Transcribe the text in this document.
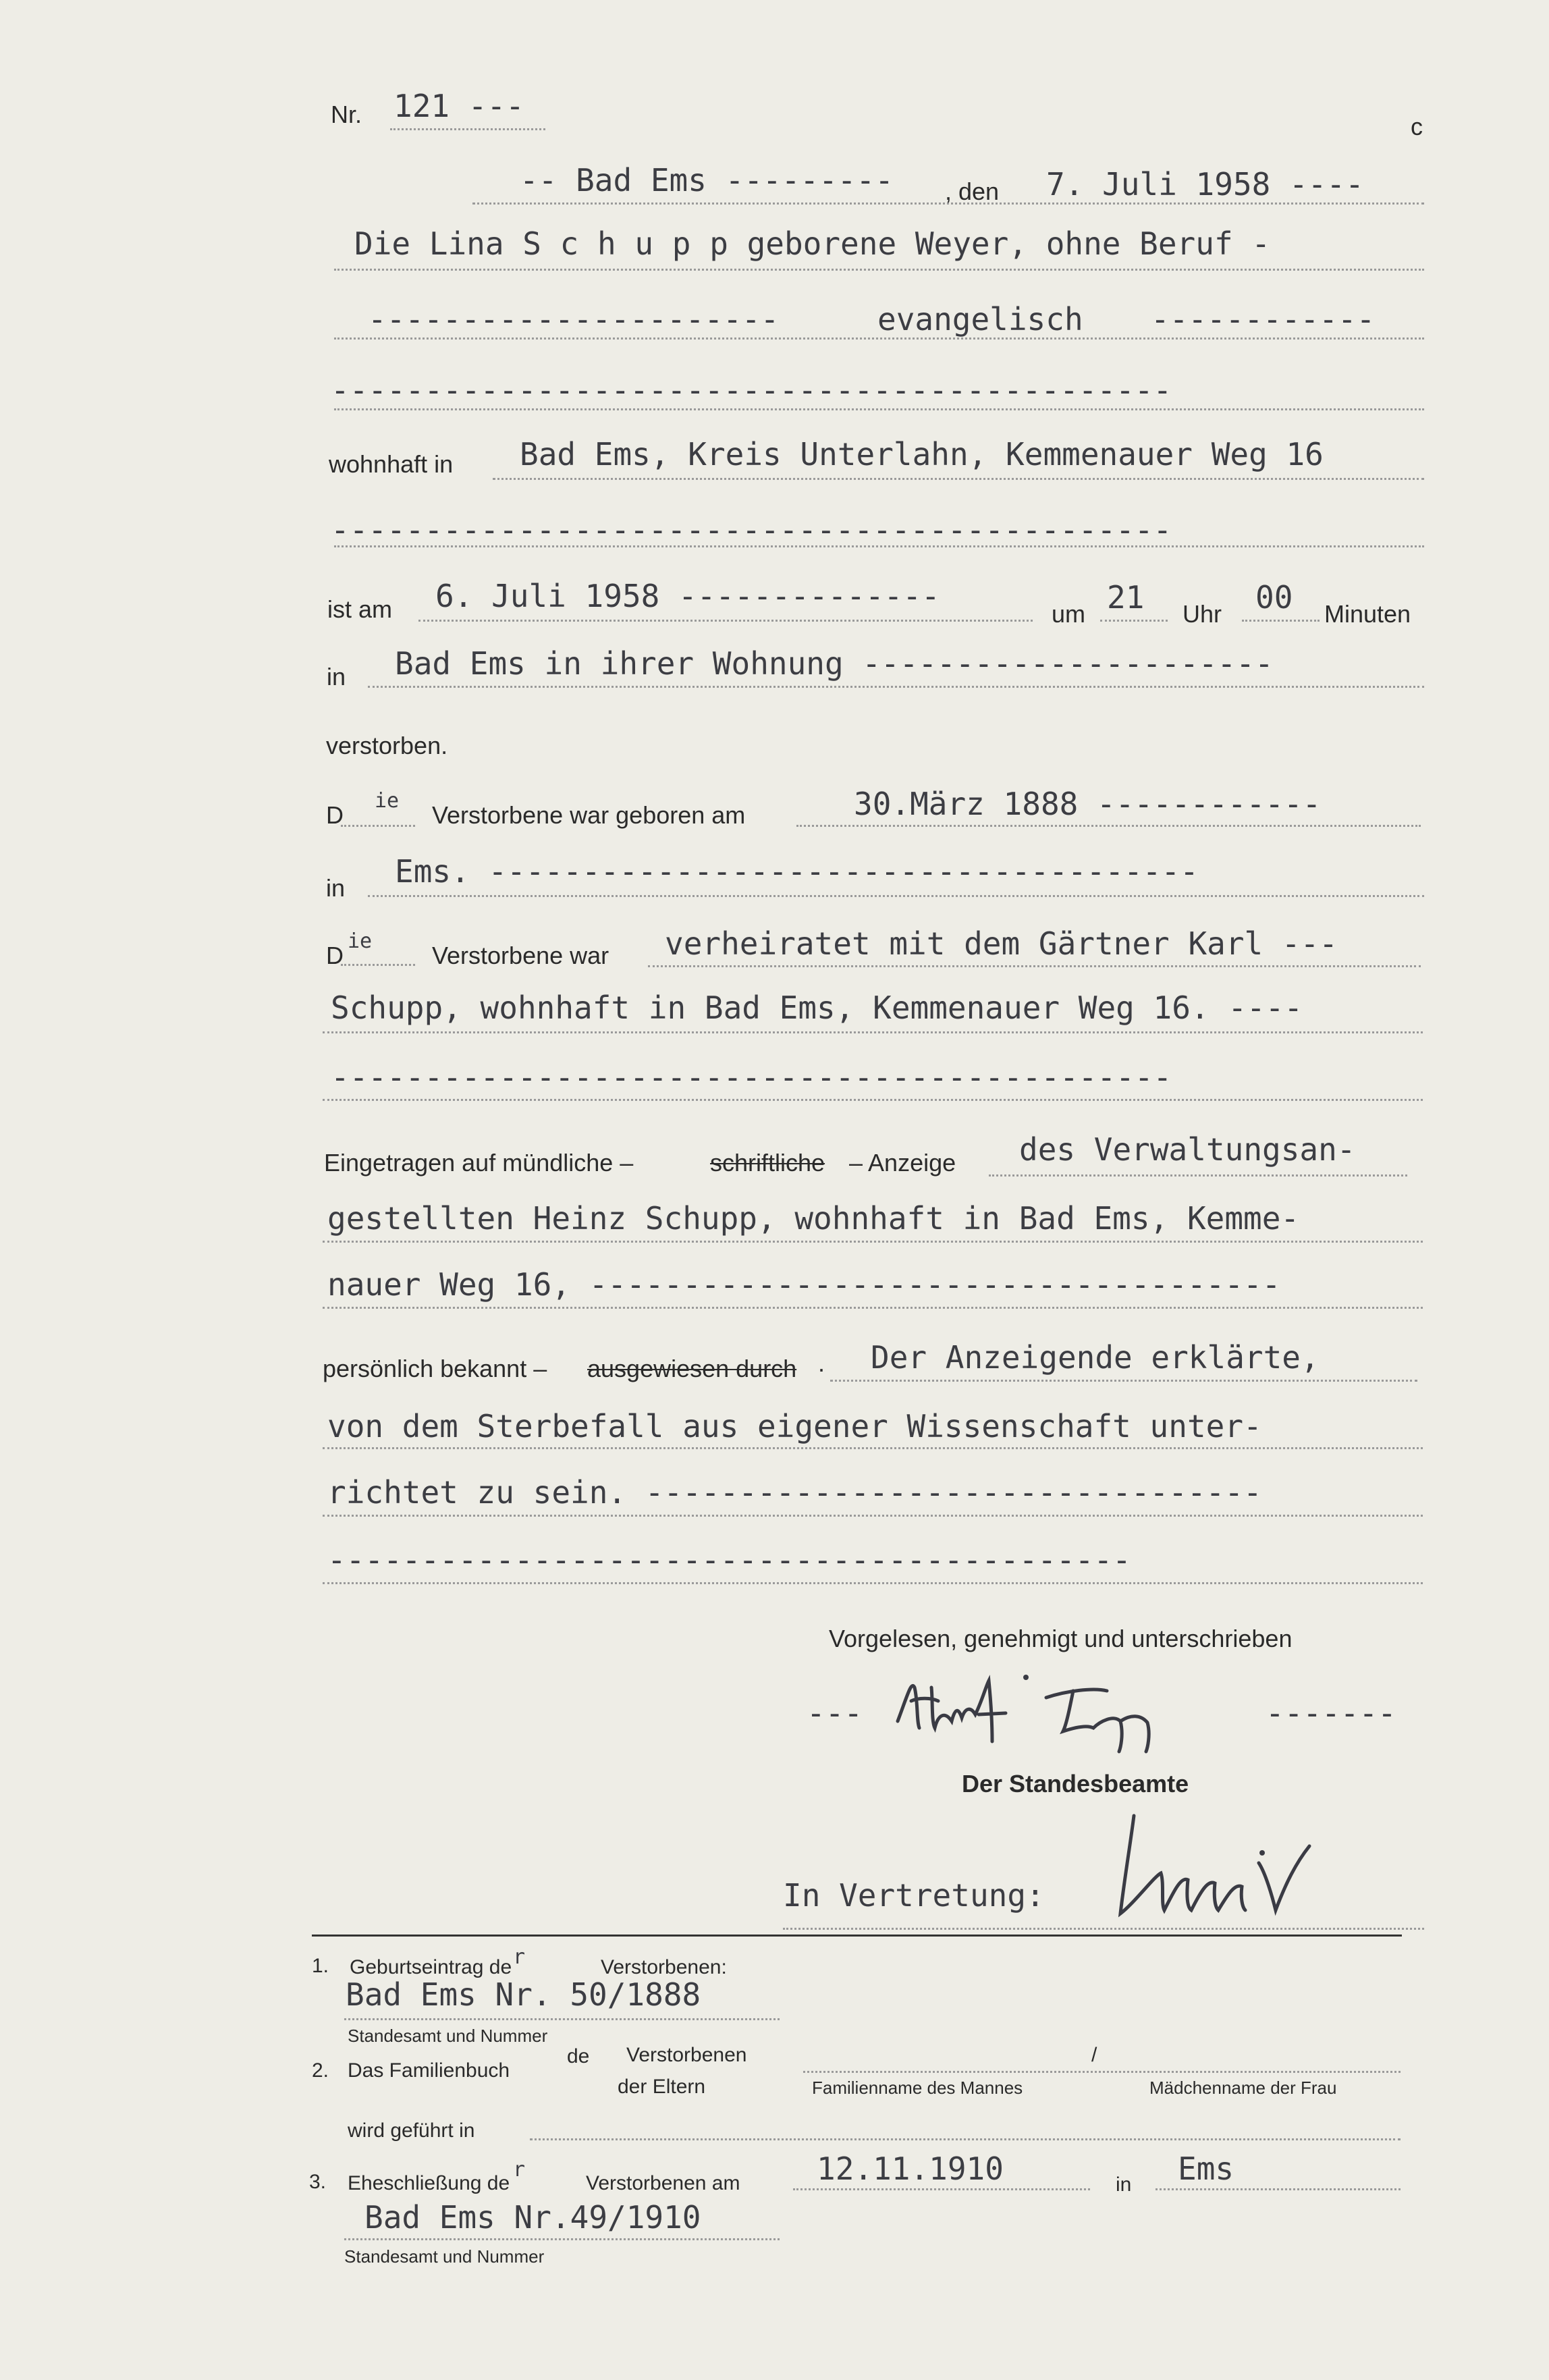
Nr. 121 ---
c
-- Bad Ems --------- , den 7. Juli 1958 ----
Die Lina S c h u p p geborene Weyer, ohne Beruf -
----------------------	evangelisch ------------
---------------------------------------------
wohnhaft in Bad Ems, Kreis Unterlahn, Kemmenauer Weg 16
---------------------------------------------
ist am 6. Juli 1958 --------------	um 21 Uhr 00 Minuten
in Bad Ems in ihrer Wohnung ----------------------
verstorben.
D
ie
Verstorbene war geboren am	30.März 1888 ------------
in Ems. --------------------------------------
D
ie
Verstorbene war verheiratet mit dem Gärtner Karl ---
Schupp, wohnhaft in Bad Ems, Kemmenauer Weg 16. ----
---------------------------------------------
Eingetragen auf mündliche –	schriftliche – Anzeige des Verwaltungsan-
gestellten Heinz Schupp, wohnhaft in Bad Ems, Kemme-
nauer Weg 16, -------------------------------------
persönlich bekannt – ausgewiesen durch . Der Anzeigende erklärte,
von dem Sterbefall aus eigener Wissenschaft unter-
richtet zu sein. ---------------------------------
-------------------------------------------
Vorgelesen, genehmigt und unterschrieben
---	-------
Der Standesbeamte
In Vertretung:
1. Geburtseintrag de r	Verstorbenen:
Bad Ems Nr. 50/1888
Standesamt und Nummer
2. Das Familienbuch
de Verstorbenen
der Eltern
/
Familienname des Mannes	Mädchenname der Frau
wird geführt in
3. Eheschließung de
r
Verstorbenen am 12.11.1910	in Ems
Bad Ems Nr.49/1910
Standesamt und Nummer
